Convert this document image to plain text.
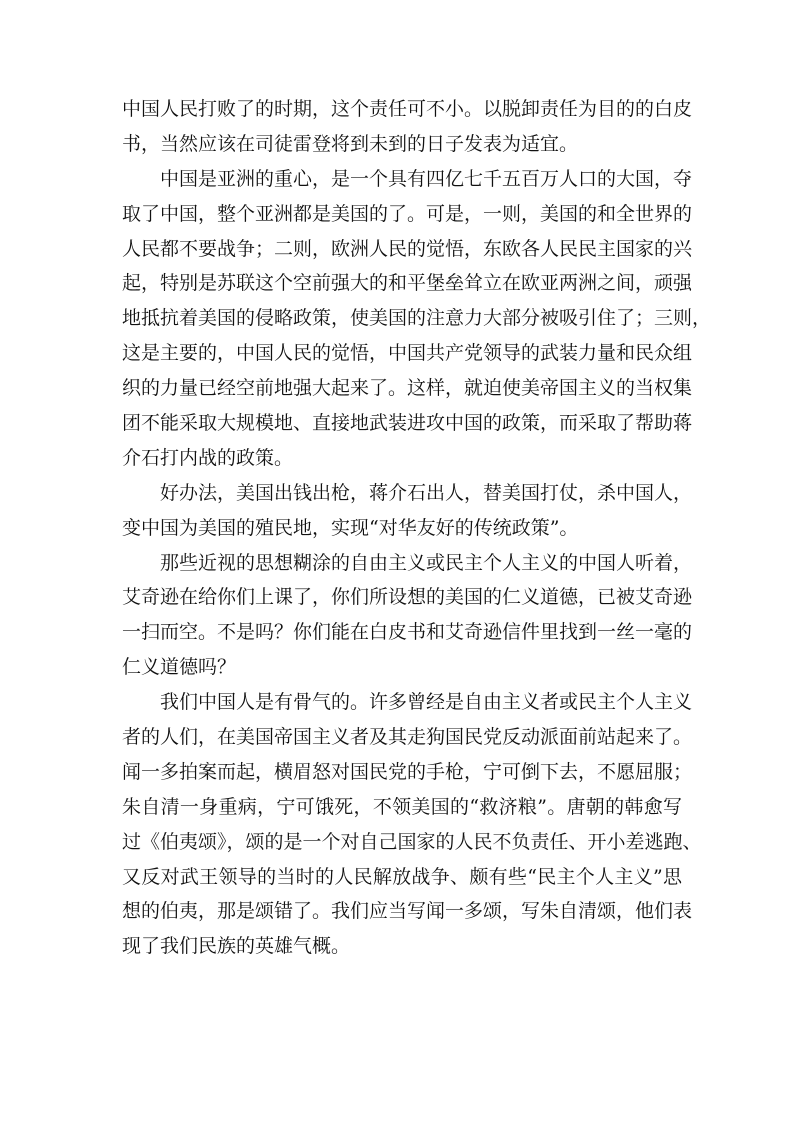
中国人民打败了的时期，这个责任可不小。以脱卸责任为目的的白皮
书，当然应该在司徒雷登将到未到的日子发表为适宜。
中国是亚洲的重心，是一个具有四亿七千五百万人口的大国，夺
取了中国，整个亚洲都是美国的了。可是，一则，美国的和全世界的
人民都不要战争；二则，欧洲人民的觉悟，东欧各人民民主国家的兴
起，特别是苏联这个空前强大的和平堡垒耸立在欧亚两洲之间，顽强
地抵抗着美国的侵略政策，使美国的注意力大部分被吸引住了；三则，
这是主要的，中国人民的觉悟，中国共产党领导的武装力量和民众组
织的力量已经空前地强大起来了。这样，就迫使美帝国主义的当权集
团不能采取大规模地、直接地武装进攻中国的政策，而采取了帮助蒋
介石打内战的政策。
好办法，美国出钱出枪，蒋介石出人，替美国打仗，杀中国人，
变中国为美国的殖民地，实现“对华友好的传统政策”。
那些近视的思想糊涂的自由主义或民主个人主义的中国人听着，
艾奇逊在给你们上课了，你们所设想的美国的仁义道德，已被艾奇逊
一扫而空。不是吗？你们能在白皮书和艾奇逊信件里找到一丝一毫的
仁义道德吗？
我们中国人是有骨气的。许多曾经是自由主义者或民主个人主义
者的人们，在美国帝国主义者及其走狗国民党反动派面前站起来了。
闻一多拍案而起，横眉怒对国民党的手枪，宁可倒下去，不愿屈服；
朱自清一身重病，宁可饿死，不领美国的“救济粮”。唐朝的韩愈写
过《伯夷颂》，颂的是一个对自己国家的人民不负责任、开小差逃跑、
又反对武王领导的当时的人民解放战争、颇有些“民主个人主义”思
想的伯夷，那是颂错了。我们应当写闻一多颂，写朱自清颂，他们表
现了我们民族的英雄气概。
